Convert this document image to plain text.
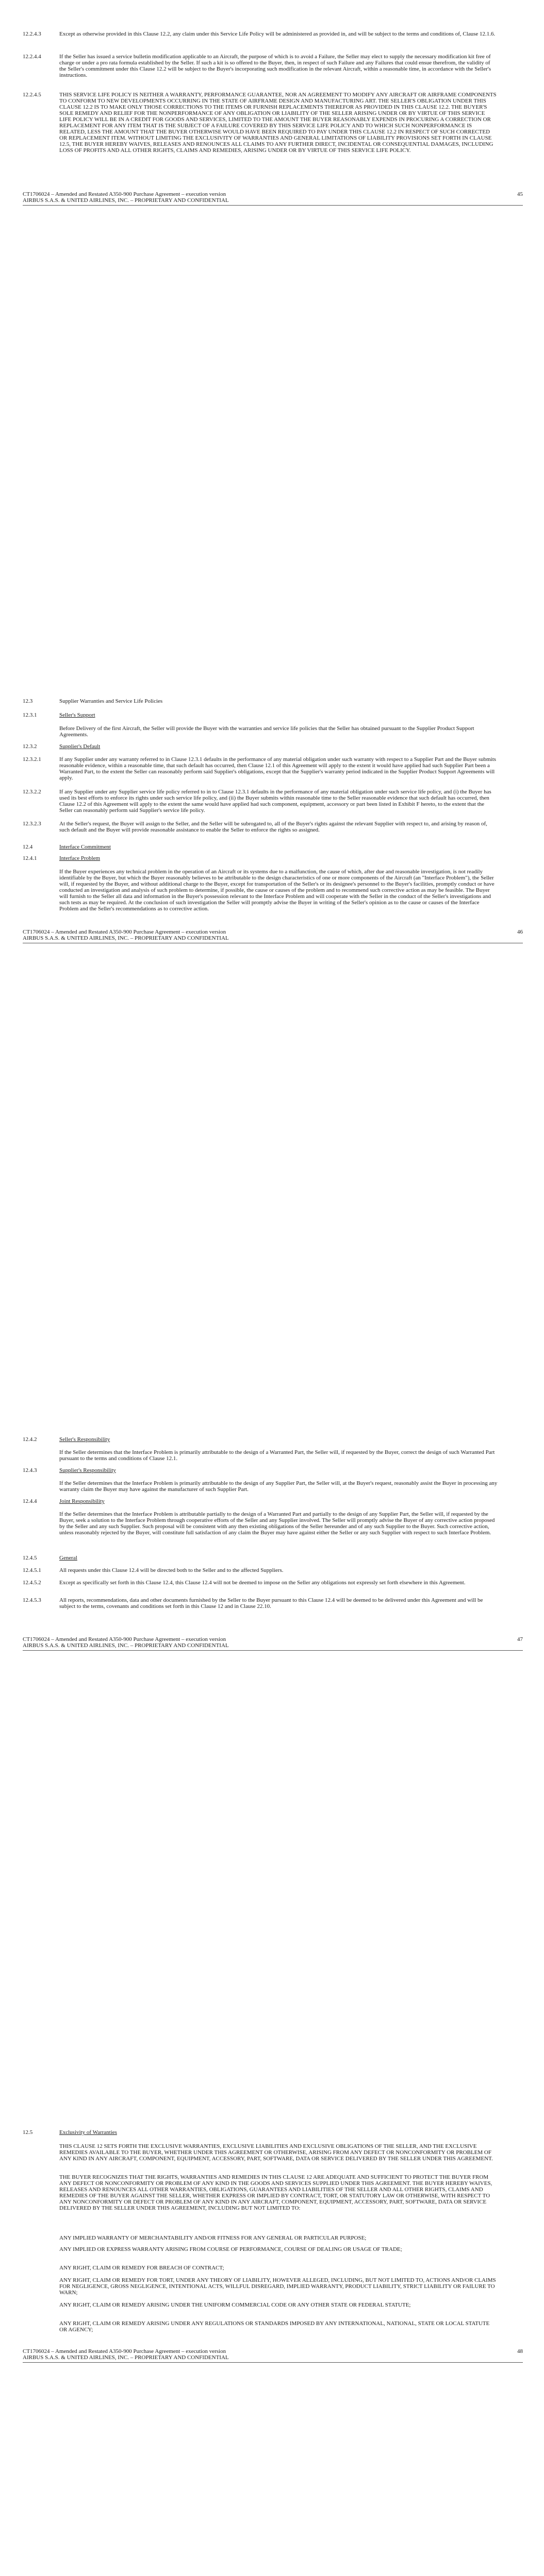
12.2.4.3	Except as otherwise provided in this Clause 12.2, any claim under this Service Life Policy will be administered as provided in, and will be subject to the terms and conditions of, Clause 12.1.6.

12.2.4.4	If the Seller has issued a service bulletin modification applicable to an Aircraft, the purpose of which is to avoid a Failure, the Seller may elect to supply the necessary modification kit free of charge or under a pro rata formula established by the Seller. If such a kit is so offered to the Buyer, then, in respect of such Failure and any Failures that could ensue therefrom, the validity of the Seller's commitment under this Clause 12.2 will be subject to the Buyer's incorporating such modification in the relevant Aircraft, within a reasonable time, in accordance with the Seller's instructions.

12.2.4.5	THIS SERVICE LIFE POLICY IS NEITHER A WARRANTY, PERFORMANCE GUARANTEE, NOR AN AGREEMENT TO MODIFY ANY AIRCRAFT OR AIRFRAME COMPONENTS TO CONFORM TO NEW DEVELOPMENTS OCCURRING IN THE STATE OF AIRFRAME DESIGN AND MANUFACTURING ART. THE SELLER'S OBLIGATION UNDER THIS CLAUSE 12.2 IS TO MAKE ONLY THOSE CORRECTIONS TO THE ITEMS OR FURNISH REPLACEMENTS THEREFOR AS PROVIDED IN THIS CLAUSE 12.2. THE BUYER'S SOLE REMEDY AND RELIEF FOR THE NONPERFORMANCE OF ANY OBLIGATION OR LIABILITY OF THE SELLER ARISING UNDER OR BY VIRTUE OF THIS SERVICE LIFE POLICY WILL BE IN A CREDIT FOR GOODS AND SERVICES, LIMITED TO THE AMOUNT THE BUYER REASONABLY EXPENDS IN PROCURING A CORRECTION OR REPLACEMENT FOR ANY ITEM THAT IS THE SUBJECT OF A FAILURE COVERED BY THIS SERVICE LIFE POLICY AND TO WHICH SUCH NONPERFORMANCE IS RELATED, LESS THE AMOUNT THAT THE BUYER OTHERWISE WOULD HAVE BEEN REQUIRED TO PAY UNDER THIS CLAUSE 12.2 IN RESPECT OF SUCH CORRECTED OR REPLACEMENT ITEM. WITHOUT LIMITING THE EXCLUSIVITY OF WARRANTIES AND GENERAL LIMITATIONS OF LIABILITY PROVISIONS SET FORTH IN CLAUSE 12.5, THE BUYER HEREBY WAIVES, RELEASES AND RENOUNCES ALL CLAIMS TO ANY FURTHER DIRECT, INCIDENTAL OR CONSEQUENTIAL DAMAGES, INCLUDING LOSS OF PROFITS AND ALL OTHER RIGHTS, CLAIMS AND REMEDIES, ARISING UNDER OR BY VIRTUE OF THIS SERVICE LIFE POLICY.

CT1706024 – Amended and Restated A350-900 Purchase Agreement – execution version	45
AIRBUS S.A.S. & UNITED AIRLINES, INC. – PROPRIETARY AND CONFIDENTIAL
12.3	Supplier Warranties and Service Life Policies

12.3.1	Seller's Support

Before Delivery of the first Aircraft, the Seller will provide the Buyer with the warranties and service life policies that the Seller has obtained pursuant to the Supplier Product Support Agreements.

12.3.2	Supplier's Default

12.3.2.1	If any Supplier under any warranty referred to in Clause 12.3.1 defaults in the performance of any material obligation under such warranty with respect to a Supplier Part and the Buyer submits reasonable evidence, within a reasonable time, that such default has occurred, then Clause 12.1 of this Agreement will apply to the extent it would have applied had such Supplier Part been a Warranted Part, to the extent the Seller can reasonably perform said Supplier's obligations, except that the Supplier's warranty period indicated in the Supplier Product Support Agreements will apply.

12.3.2.2	If any Supplier under any Supplier service life policy referred to in to Clause 12.3.1 defaults in the performance of any material obligation under such service life policy, and (i) the Buyer has used its best efforts to enforce its rights under such service life policy, and (ii) the Buyer submits within reasonable time to the Seller reasonable evidence that such default has occurred, then Clause 12.2 of this Agreement will apply to the extent the same would have applied had such component, equipment, accessory or part been listed in Exhibit F hereto, to the extent that the Seller can reasonably perform said Supplier's service life policy.

12.3.2.3	At the Seller's request, the Buyer will assign to the Seller, and the Seller will be subrogated to, all of the Buyer's rights against the relevant Supplier with respect to, and arising by reason of, such default and the Buyer will provide reasonable assistance to enable the Seller to enforce the rights so assigned.

12.4	Interface Commitment

12.4.1	Interface Problem

If the Buyer experiences any technical problem in the operation of an Aircraft or its systems due to a malfunction, the cause of which, after due and reasonable investigation, is not readily identifiable by the Buyer, but which the Buyer reasonably believes to be attributable to the design characteristics of one or more components of the Aircraft (an "Interface Problem"), the Seller will, if requested by the Buyer, and without additional charge to the Buyer, except for transportation of the Seller's or its designee's personnel to the Buyer's facilities, promptly conduct or have conducted an investigation and analysis of such problem to determine, if possible, the cause or causes of the problem and to recommend such corrective action as may be feasible. The Buyer will furnish to the Seller all data and information in the Buyer's possession relevant to the Interface Problem and will cooperate with the Seller in the conduct of the Seller's investigations and such tests as may be required. At the conclusion of such investigation the Seller will promptly advise the Buyer in writing of the Seller's opinion as to the cause or causes of the Interface Problem and the Seller's recommendations as to corrective action.

CT1706024 – Amended and Restated A350-900 Purchase Agreement – execution version	46
AIRBUS S.A.S. & UNITED AIRLINES, INC. – PROPRIETARY AND CONFIDENTIAL
12.4.2	Seller's Responsibility

If the Seller determines that the Interface Problem is primarily attributable to the design of a Warranted Part, the Seller will, if requested by the Buyer, correct the design of such Warranted Part pursuant to the terms and conditions of Clause 12.1.

12.4.3	Supplier's Responsibility

If the Seller determines that the Interface Problem is primarily attributable to the design of any Supplier Part, the Seller will, at the Buyer's request, reasonably assist the Buyer in processing any warranty claim the Buyer may have against the manufacturer of such Supplier Part.

12.4.4	Joint Responsibility

If the Seller determines that the Interface Problem is attributable partially to the design of a Warranted Part and partially to the design of any Supplier Part, the Seller will, if requested by the Buyer, seek a solution to the Interface Problem through cooperative efforts of the Seller and any Supplier involved. The Seller will promptly advise the Buyer of any corrective action proposed by the Seller and any such Supplier. Such proposal will be consistent with any then existing obligations of the Seller hereunder and of any such Supplier to the Buyer. Such corrective action, unless reasonably rejected by the Buyer, will constitute full satisfaction of any claim the Buyer may have against either the Seller or any such Supplier with respect to such Interface Problem.

12.4.5	General

12.4.5.1	All requests under this Clause 12.4 will be directed both to the Seller and to the affected Suppliers.

12.4.5.2	Except as specifically set forth in this Clause 12.4, this Clause 12.4 will not be deemed to impose on the Seller any obligations not expressly set forth elsewhere in this Agreement.

12.4.5.3	All reports, recommendations, data and other documents furnished by the Seller to the Buyer pursuant to this Clause 12.4 will be deemed to be delivered under this Agreement and will be subject to the terms, covenants and conditions set forth in this Clause 12 and in Clause 22.10.

CT1706024 – Amended and Restated A350-900 Purchase Agreement – execution version	47
AIRBUS S.A.S. & UNITED AIRLINES, INC. – PROPRIETARY AND CONFIDENTIAL
12.5	Exclusivity of Warranties

THIS CLAUSE 12 SETS FORTH THE EXCLUSIVE WARRANTIES, EXCLUSIVE LIABILITIES AND EXCLUSIVE OBLIGATIONS OF THE SELLER, AND THE EXCLUSIVE REMEDIES AVAILABLE TO THE BUYER, WHETHER UNDER THIS AGREEMENT OR OTHERWISE, ARISING FROM ANY DEFECT OR NONCONFORMITY OR PROBLEM OF ANY KIND IN ANY AIRCRAFT, COMPONENT, EQUIPMENT, ACCESSORY, PART, SOFTWARE, DATA OR SERVICE DELIVERED BY THE SELLER UNDER THIS AGREEMENT.

THE BUYER RECOGNIZES THAT THE RIGHTS, WARRANTIES AND REMEDIES IN THIS CLAUSE 12 ARE ADEQUATE AND SUFFICIENT TO PROTECT THE BUYER FROM ANY DEFECT OR NONCONFORMITY OR PROBLEM OF ANY KIND IN THE GOODS AND SERVICES SUPPLIED UNDER THIS AGREEMENT. THE BUYER HEREBY WAIVES, RELEASES AND RENOUNCES ALL OTHER WARRANTIES, OBLIGATIONS, GUARANTEES AND LIABILITIES OF THE SELLER AND ALL OTHER RIGHTS, CLAIMS AND REMEDIES OF THE BUYER AGAINST THE SELLER, WHETHER EXPRESS OR IMPLIED BY CONTRACT, TORT, OR STATUTORY LAW OR OTHERWISE, WITH RESPECT TO ANY NONCONFORMITY OR DEFECT OR PROBLEM OF ANY KIND IN ANY AIRCRAFT, COMPONENT, EQUIPMENT, ACCESSORY, PART, SOFTWARE, DATA OR SERVICE DELIVERED BY THE SELLER UNDER THIS AGREEMENT, INCLUDING BUT NOT LIMITED TO:

ANY IMPLIED WARRANTY OF MERCHANTABILITY AND/OR FITNESS FOR ANY GENERAL OR PARTICULAR PURPOSE;

ANY IMPLIED OR EXPRESS WARRANTY ARISING FROM COURSE OF PERFORMANCE, COURSE OF DEALING OR USAGE OF TRADE;

ANY RIGHT, CLAIM OR REMEDY FOR BREACH OF CONTRACT;

ANY RIGHT, CLAIM OR REMEDY FOR TORT, UNDER ANY THEORY OF LIABILITY, HOWEVER ALLEGED, INCLUDING, BUT NOT LIMITED TO, ACTIONS AND/OR CLAIMS FOR NEGLIGENCE, GROSS NEGLIGENCE, INTENTIONAL ACTS, WILLFUL DISREGARD, IMPLIED WARRANTY, PRODUCT LIABILITY, STRICT LIABILITY OR FAILURE TO WARN;

ANY RIGHT, CLAIM OR REMEDY ARISING UNDER THE UNIFORM COMMERCIAL CODE OR ANY OTHER STATE OR FEDERAL STATUTE;

ANY RIGHT, CLAIM OR REMEDY ARISING UNDER ANY REGULATIONS OR STANDARDS IMPOSED BY ANY INTERNATIONAL, NATIONAL, STATE OR LOCAL STATUTE OR AGENCY;

CT1706024 – Amended and Restated A350-900 Purchase Agreement – execution version	48
AIRBUS S.A.S. & UNITED AIRLINES, INC. – PROPRIETARY AND CONFIDENTIAL
